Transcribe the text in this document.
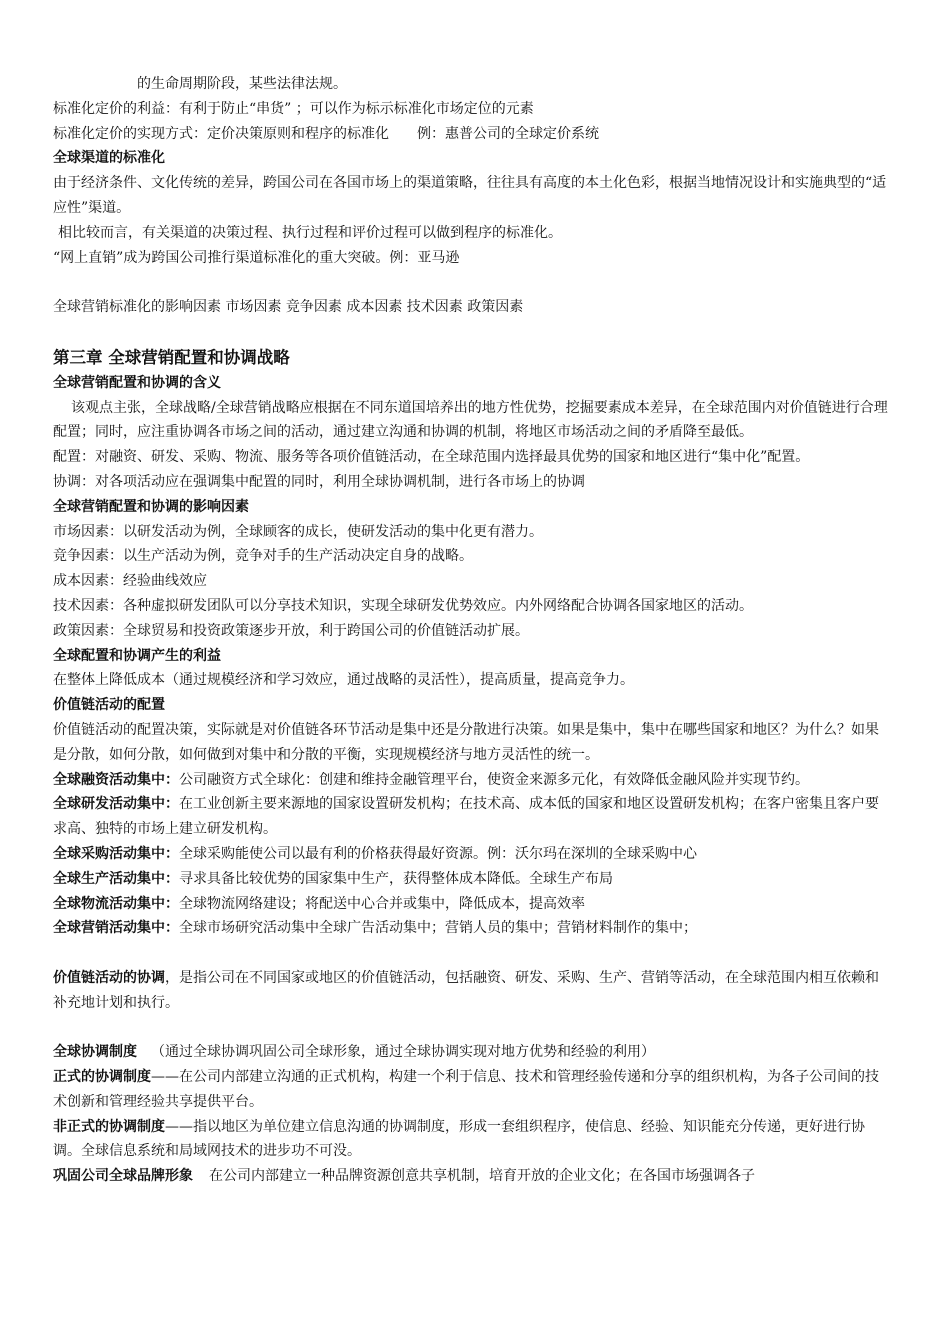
的生命周期阶段，某些法律法规。

标准化定价的利益：有利于防止“串货” ；可以作为标示标准化市场定位的元素

标准化定价的实现方式：定价决策原则和程序的标准化　　例：惠普公司的全球定价系统

全球渠道的标准化

由于经济条件、文化传统的差异，跨国公司在各国市场上的渠道策略，往往具有高度的本土化色彩，根据当地情况设计和实施典型的“适应性”渠道。

相比较而言，有关渠道的决策过程、执行过程和评价过程可以做到程序的标准化。

“网上直销”成为跨国公司推行渠道标准化的重大突破。例：亚马逊

全球营销标准化的影响因素 市场因素 竞争因素 成本因素 技术因素 政策因素

第三章 全球营销配置和协调战略

全球营销配置和协调的含义

该观点主张，全球战略/全球营销战略应根据在不同东道国培养出的地方性优势，挖掘要素成本差异，在全球范围内对价值链进行合理配置；同时，应注重协调各市场之间的活动，通过建立沟通和协调的机制，将地区市场活动之间的矛盾降至最低。

配置：对融资、研发、采购、物流、服务等各项价值链活动，在全球范围内选择最具优势的国家和地区进行“集中化”配置。

协调：对各项活动应在强调集中配置的同时，利用全球协调机制，进行各市场上的协调

全球营销配置和协调的影响因素

市场因素：以研发活动为例，全球顾客的成长，使研发活动的集中化更有潜力。

竞争因素：以生产活动为例，竞争对手的生产活动决定自身的战略。

成本因素：经验曲线效应

技术因素：各种虚拟研发团队可以分享技术知识，实现全球研发优势效应。内外网络配合协调各国家地区的活动。

政策因素：全球贸易和投资政策逐步开放，利于跨国公司的价值链活动扩展。

全球配置和协调产生的利益

在整体上降低成本（通过规模经济和学习效应，通过战略的灵活性），提高质量，提高竞争力。

价值链活动的配置

价值链活动的配置决策，实际就是对价值链各环节活动是集中还是分散进行决策。如果是集中，集中在哪些国家和地区？为什么？如果是分散，如何分散，如何做到对集中和分散的平衡，实现规模经济与地方灵活性的统一。

全球融资活动集中：公司融资方式全球化：创建和维持金融管理平台，使资金来源多元化，有效降低金融风险并实现节约。

全球研发活动集中：在工业创新主要来源地的国家设置研发机构；在技术高、成本低的国家和地区设置研发机构；在客户密集且客户要求高、独特的市场上建立研发机构。

全球采购活动集中：全球采购能使公司以最有利的价格获得最好资源。例：沃尔玛在深圳的全球采购中心

全球生产活动集中：寻求具备比较优势的国家集中生产，获得整体成本降低。全球生产布局

全球物流活动集中：全球物流网络建设；将配送中心合并或集中，降低成本，提高效率

全球营销活动集中：全球市场研究活动集中全球广告活动集中；营销人员的集中；营销材料制作的集中；

价值链活动的协调，是指公司在不同国家或地区的价值链活动，包括融资、研发、采购、生产、营销等活动，在全球范围内相互依赖和补充地计划和执行。

全球协调制度 （通过全球协调巩固公司全球形象，通过全球协调实现对地方优势和经验的利用）

正式的协调制度——在公司内部建立沟通的正式机构，构建一个利于信息、技术和管理经验传递和分享的组织机构，为各子公司间的技术创新和管理经验共享提供平台。

非正式的协调制度——指以地区为单位建立信息沟通的协调制度，形成一套组织程序，使信息、经验、知识能充分传递，更好进行协调。全球信息系统和局域网技术的进步功不可没。

巩固公司全球品牌形象 在公司内部建立一种品牌资源创意共享机制，培育开放的企业文化；在各国市场强调各子
